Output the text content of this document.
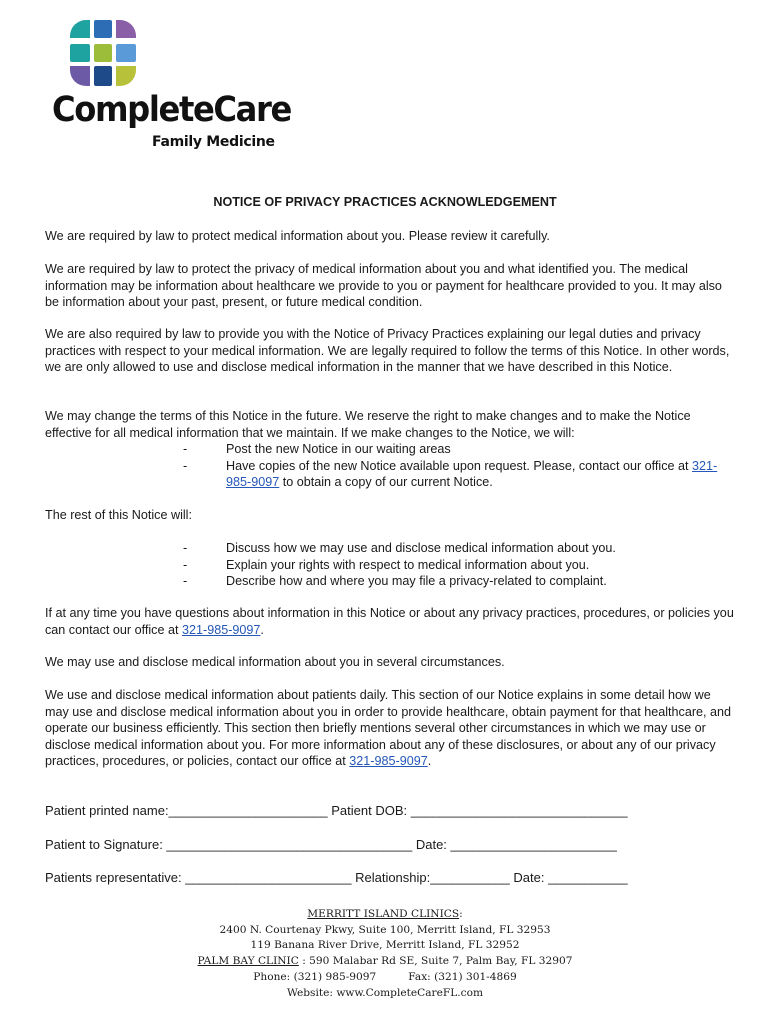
CompleteCare
Family Medicine
NOTICE OF PRIVACY PRACTICES ACKNOWLEDGEMENT

We are required by law to protect medical information about you. Please review it carefully.

We are required by law to protect the privacy of medical information about you and what identified you. The medical information may be information about healthcare we provide to you or payment for healthcare provided to you. It may also be information about your past, present, or future medical condition.

We are also required by law to provide you with the Notice of Privacy Practices explaining our legal duties and privacy practices with respect to your medical information. We are legally required to follow the terms of this Notice. In other words, we are only allowed to use and disclose medical information in the manner that we have described in this Notice.

We may change the terms of this Notice in the future. We reserve the right to make changes and to make the Notice effective for all medical information that we maintain. If we make changes to the Notice, we will:

-	Post the new Notice in our waiting areas
-	Have copies of the new Notice available upon request. Please, contact our office at 321-985-9097 to obtain a copy of our current Notice.

The rest of this Notice will:

-	Discuss how we may use and disclose medical information about you.
-	Explain your rights with respect to medical information about you.
-	Describe how and where you may file a privacy-related to complaint.

If at any time you have questions about information in this Notice or about any privacy practices, procedures, or policies you can contact our office at 321-985-9097.

We may use and disclose medical information about you in several circumstances.

We use and disclose medical information about patients daily. This section of our Notice explains in some detail how we may use and disclose medical information about you in order to provide healthcare, obtain payment for that healthcare, and operate our business efficiently. This section then briefly mentions several other circumstances in which we may use or disclose medical information about you. For more information about any of these disclosures, or about any of our privacy practices, procedures, or policies, contact our office at 321-985-9097.

Patient printed name:______________________ Patient DOB: ______________________________
Patient to Signature: __________________________________ Date: _______________________
Patients representative: _______________________ Relationship:___________ Date: ___________
MERRITT ISLAND CLINICS:
2400 N. Courtenay Pkwy, Suite 100, Merritt Island, FL 32953
119 Banana River Drive, Merritt Island, FL 32952
PALM BAY CLINIC : 590 Malabar Rd SE, Suite 7, Palm Bay, FL 32907
Phone: (321) 985-9097	Fax: (321) 301-4869
Website: www.CompleteCareFL.com
